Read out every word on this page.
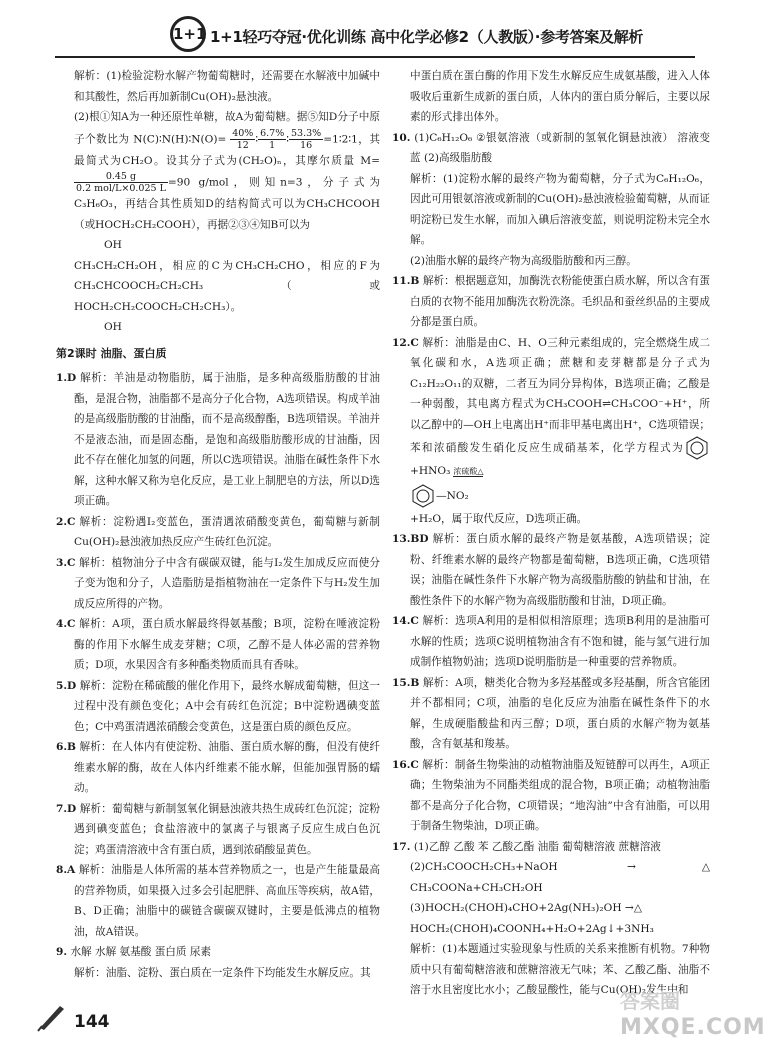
1+1 1+1轻巧夺冠·优化训练 高中化学必修2（人教版）·参考答案及解析

解析：(1)检验淀粉水解产物葡萄糖时，还需要在水解液中加碱中和其酸性，然后再加新制Cu(OH)₂悬浊液。

(2)根①知A为一种还原性单糖，故A为葡萄糖。据⑤知D分子中原子个数比为 N(C)∶N(H)∶N(O)= $\frac{40\%}{12}$ ∶ $\frac{6.7\%}{1}$ ∶ $\frac{53.3\%}{16}$ =1∶2∶1，其最简式为CH₂O。设其分子式为(CH₂O)ₙ，其摩尔质量 M=
$\frac{0.45 g}{\text{0.2 mol/L×0.025 L}} =90$ g/mol，则知n=3，分子式为C₃H₆O₃，再结合其性质知D的结构简式可以为CH₃CHCOOH（或HOCH₂CH₂COOH），再据②③④知B可以为

OH

CH₃CH₂CH₂OH，相应的C为CH₃CH₂CHO，相应的F为CH₃CHCOOCH₂CH₂CH₃（或HOCH₂CH₂COOCH₂CH₂CH₃）。

OH

第2课时 油脂、蛋白质

1.D 解析：羊油是动物脂肪，属于油脂，是多种高级脂肪酸的甘油酯，是混合物，油脂都不是高分子化合物，A选项错误。构成羊油的是高级脂肪酸的甘油酯，而不是高级醇酯，B选项错误。羊油并不是液态油，而是固态酯，是饱和高级脂肪酸形成的甘油酯，因此不存在催化加氢的问题，所以C选项错误。油脂在碱性条件下水解，这种水解又称为皂化反应，是工业上制肥皂的方法，所以D选项正确。

2.C 解析：淀粉遇I₂变蓝色，蛋清遇浓硝酸变黄色，葡萄糖与新制Cu(OH)₂悬浊液加热反应产生砖红色沉淀。

3.C 解析：植物油分子中含有碳碳双键，能与I₂发生加成反应而使分子变为饱和分子，人造脂肪是指植物油在一定条件下与H₂发生加成反应所得的产物。

4.C 解析：A项，蛋白质水解最终得氨基酸；B项，淀粉在唾液淀粉酶的作用下水解生成麦芽糖；C项，乙醇不是人体必需的营养物质；D项，水果因含有多种酯类物质而具有香味。

5.D 解析：淀粉在稀硫酸的催化作用下，最终水解成葡萄糖，但这一过程中没有颜色变化；A中会有砖红色沉淀；B中淀粉遇碘变蓝色；C中鸡蛋清遇浓硝酸会变黄色，这是蛋白质的颜色反应。

6.B 解析：在人体内有使淀粉、油脂、蛋白质水解的酶，但没有使纤维素水解的酶，故在人体内纤维素不能水解，但能加强胃肠的蠕动。

7.D 解析：葡萄糖与新制氢氧化铜悬浊液共热生成砖红色沉淀；淀粉遇到碘变蓝色；食盐溶液中的氯离子与银离子反应生成白色沉淀；鸡蛋清溶液中含有蛋白质，遇到浓硝酸显黄色。

8.A 解析：油脂是人体所需的基本营养物质之一，也是产生能量最高的营养物质，如果摄入过多会引起肥胖、高血压等疾病，故A错，B、D正确；油脂中的碳链含碳碳双键时，主要是低沸点的植物油，故A错误。

9. 水解 水解 氨基酸 蛋白质 尿素

解析：油脂、淀粉、蛋白质在一定条件下均能发生水解反应。其

中蛋白质在蛋白酶的作用下发生水解反应生成氨基酸，进入人体吸收后重新生成新的蛋白质，人体内的蛋白质分解后，主要以尿素的形式排出体外。

10. (1)C₆H₁₂O₆ ②银氨溶液（或新制的氢氧化铜悬浊液） 溶液变蓝 (2)高级脂肪酸

解析：(1)淀粉水解的最终产物为葡萄糖，分子式为C₆H₁₂O₆，因此可用银氨溶液或新制的Cu(OH)₂悬浊液检验葡萄糖，从而证明淀粉已发生水解，而加入碘后溶液变蓝，则说明淀粉未完全水解。

(2)油脂水解的最终产物为高级脂肪酸和丙三醇。

11.B 解析：根据题意知，加酶洗衣粉能使蛋白质水解，所以含有蛋白质的衣物不能用加酶洗衣粉洗涤。毛织品和蚕丝织品的主要成分都是蛋白质。

12.C 解析：油脂是由C、H、O三种元素组成的，完全燃烧生成二氧化碳和水，A选项正确；蔗糖和麦芽糖都是分子式为C₁₂H₂₂O₁₁的双糖，二者互为同分异构体，B选项正确；乙酸是一种弱酸，其电离方程式为CH₃COOH⇌CH₃COO⁻+H⁺，所以乙醇中的—OH上电离出H⁺而非甲基电离出H⁺，C选项错误；苯和浓硝酸发生硝化反应生成硝基苯，化学方程式为+HNO₃ 浓硫酸△
—NO₂

+H₂O，属于取代反应，D选项正确。

13.BD 解析：蛋白质水解的最终产物是氨基酸，A选项错误；淀粉、纤维素水解的最终产物都是葡萄糖，B选项正确，C选项错误；油脂在碱性条件下水解产物为高级脂肪酸的钠盐和甘油，在酸性条件下的水解产物为高级脂肪酸和甘油，D项正确。

14.C 解析：选项A利用的是相似相溶原理；选项B利用的是油脂可水解的性质；选项C说明植物油含有不饱和键，能与氢气进行加成制作植物奶油；选项D说明脂肪是一种重要的营养物质。

15.B 解析：A项，糖类化合物为多羟基醛或多羟基酮，所含官能团并不都相同；C项，油脂的皂化反应为油脂在碱性条件下的水解，生成硬脂酸盐和丙三醇；D项，蛋白质的水解产物为氨基酸，含有氨基和羧基。

16.C 解析：制备生物柴油的动植物油脂及短链醇可以再生，A项正确；生物柴油为不同酯类组成的混合物，B项正确；动植物油脂都不是高分子化合物，C项错误；“地沟油”中含有油脂，可以用于制备生物柴油，D项正确。

17. (1)乙醇 乙酸 苯 乙酸乙酯 油脂 葡萄糖溶液 蔗糖溶液

(2)CH₃COOCH₂CH₃+NaOH →△ CH₃COONa+CH₃CH₂OH

(3)HOCH₂(CHOH)₄CHO+2Ag(NH₃)₂OH →△

HOCH₂(CHOH)₄COONH₄+H₂O+2Ag↓+3NH₃

解析：(1)本题通过实验现象与性质的关系来推断有机物。7种物质中只有葡萄糖溶液和蔗糖溶液无气味；苯、乙酸乙酯、油脂不溶于水且密度比水小；乙酸显酸性，能与Cu(OH)₂发生中和

144
答案圈
MXQE.COM
